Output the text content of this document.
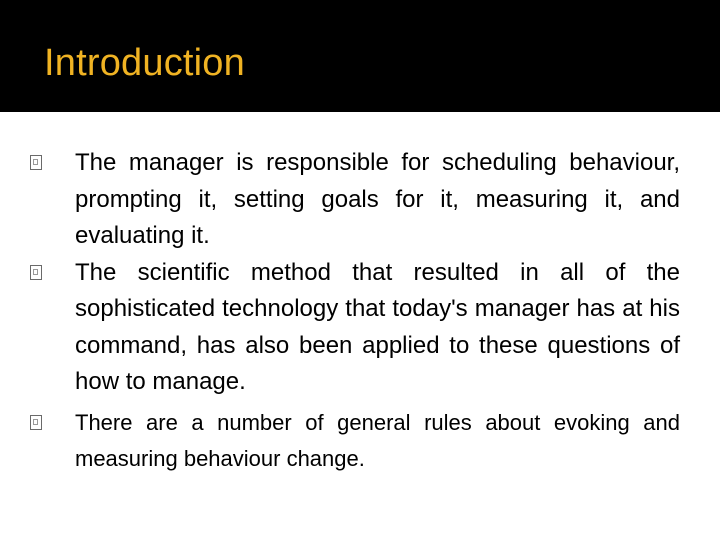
Introduction
The manager is responsible for scheduling behaviour, prompting it, setting goals for it, measuring it, and evaluating it.
The scientific method that resulted in all of the sophisticated technology that today's manager has at his command, has also been applied to these questions of how to manage.
There are a number of general rules about evoking and measuring behaviour change.
